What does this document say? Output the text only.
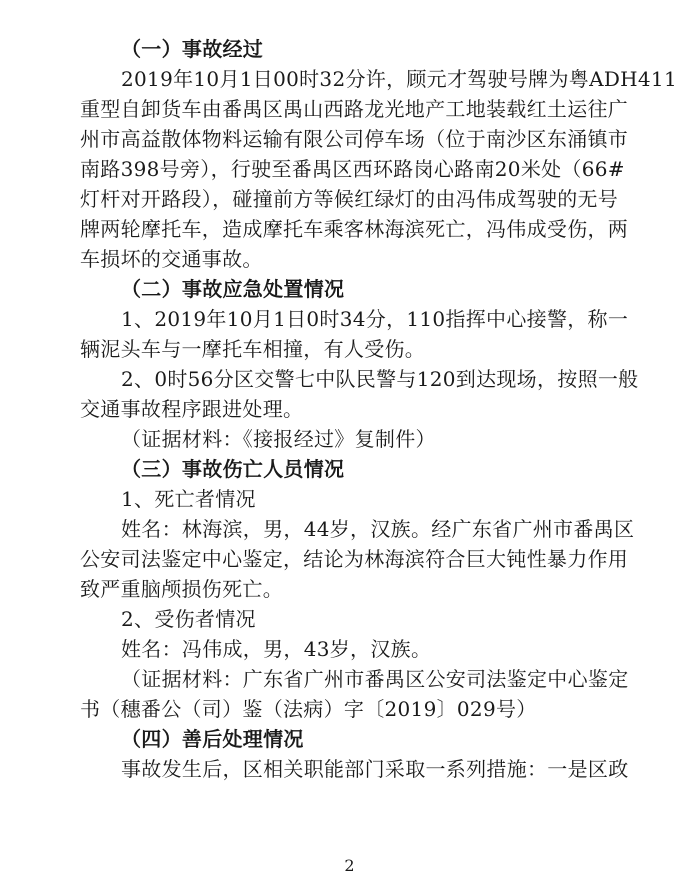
（一）事故经过
2019年10月1日00时32分许，顾元才驾驶号牌为粤ADH411
重型自卸货车由番禺区禺山西路龙光地产工地装载红土运往广
州市高益散体物料运输有限公司停车场（位于南沙区东涌镇市
南路398号旁），行驶至番禺区西环路岗心路南20米处（66#
灯杆对开路段），碰撞前方等候红绿灯的由冯伟成驾驶的无号
牌两轮摩托车，造成摩托车乘客林海滨死亡，冯伟成受伤，两
车损坏的交通事故。
（二）事故应急处置情况
1、2019年10月1日0时34分，110指挥中心接警，称一
辆泥头车与一摩托车相撞，有人受伤。
2、0时56分区交警七中队民警与120到达现场，按照一般
交通事故程序跟进处理。
（证据材料：《接报经过》复制件）
（三）事故伤亡人员情况
1、死亡者情况
姓名：林海滨，男，44岁，汉族。经广东省广州市番禺区
公安司法鉴定中心鉴定，结论为林海滨符合巨大钝性暴力作用
致严重脑颅损伤死亡。
2、受伤者情况
姓名：冯伟成，男，43岁，汉族。
（证据材料：广东省广州市番禺区公安司法鉴定中心鉴定
书（穗番公（司）鉴（法病）字〔2019〕029号）
（四）善后处理情况
事故发生后，区相关职能部门采取一系列措施：一是区政
2
